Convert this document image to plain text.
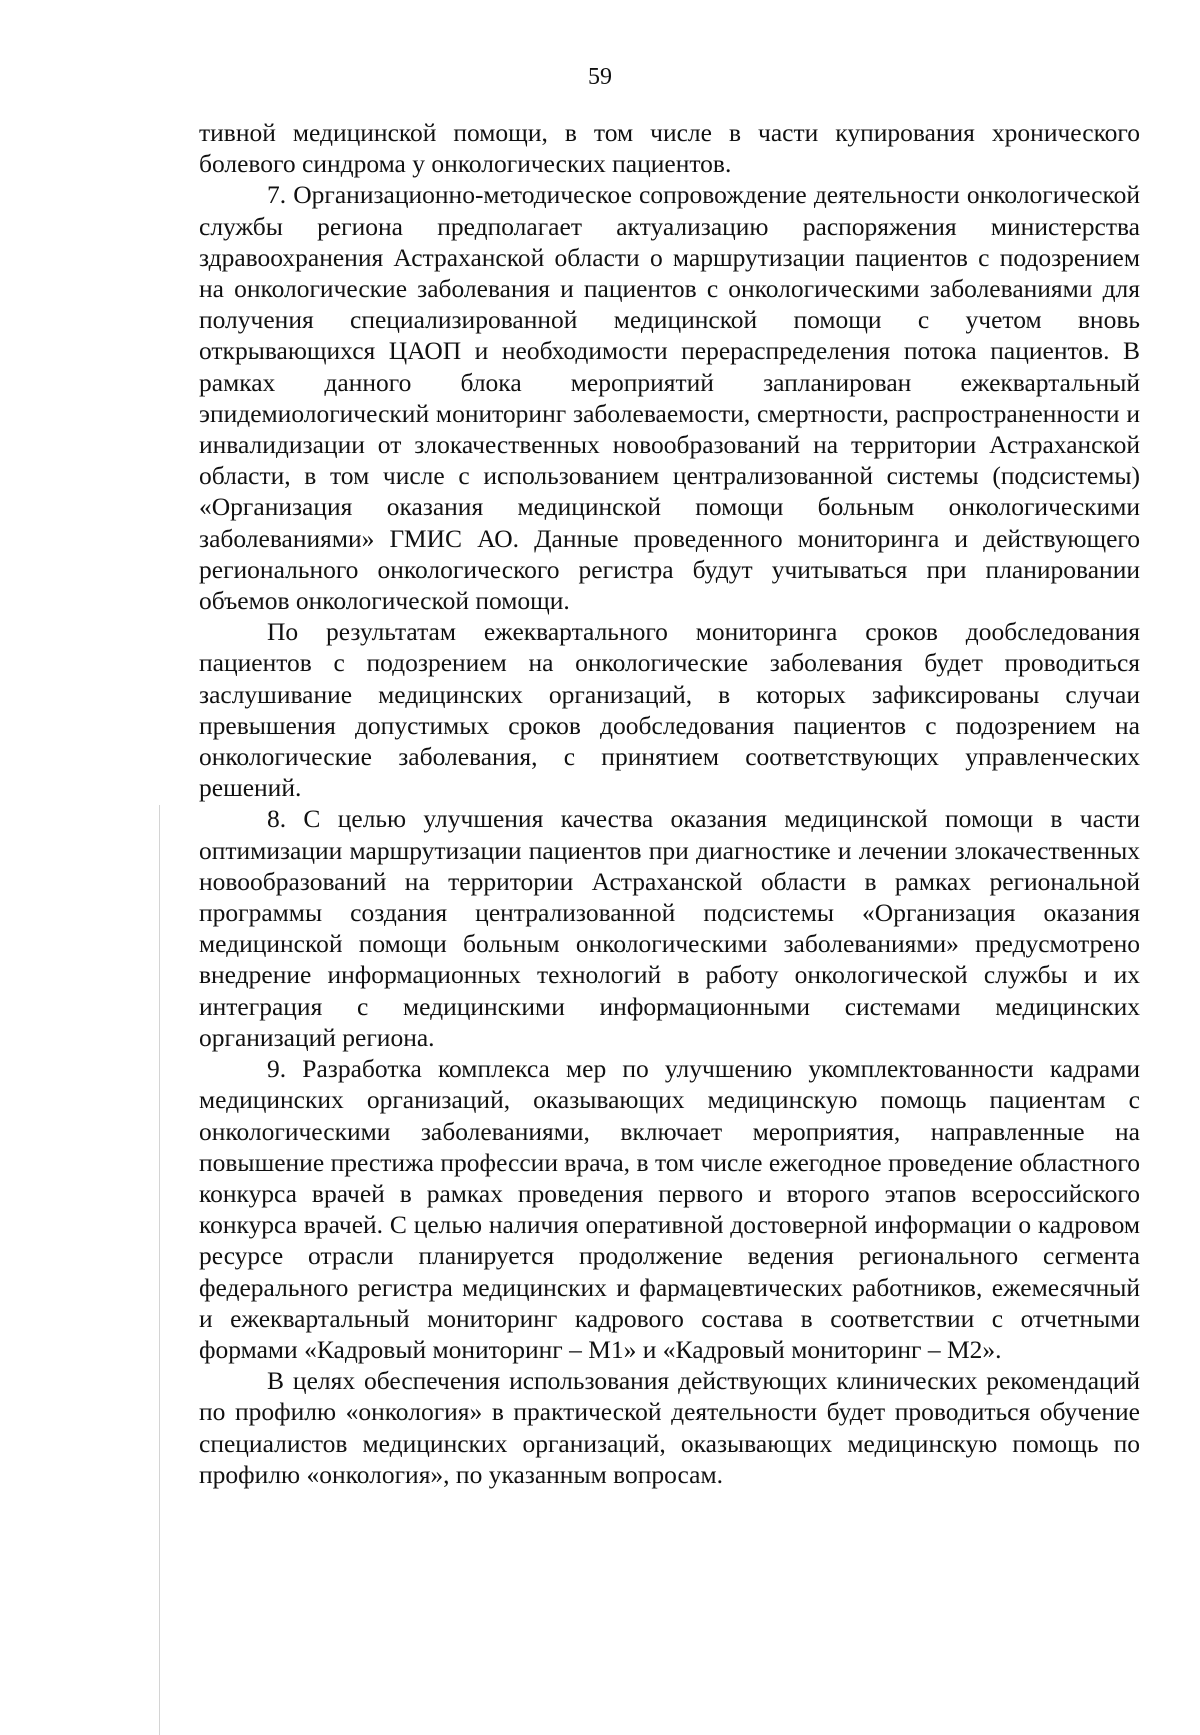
59

тивной медицинской помощи, в том числе в части купирования хронического болевого синдрома у онкологических пациентов.

7. Организационно-методическое сопровождение деятельности онкологической службы региона предполагает актуализацию распоряжения министерства здравоохранения Астраханской области о маршрутизации пациентов с подозрением на онкологические заболевания и пациентов с онкологическими заболеваниями для получения специализированной медицинской помощи с учетом вновь открывающихся ЦАОП и необходимости перераспределения потока пациентов. В рамках данного блока мероприятий запланирован ежеквартальный эпидемиологический мониторинг заболеваемости, смертности, распространенности и инвалидизации от злокачественных новообразований на территории Астраханской области, в том числе с использованием централизованной системы (подсистемы) «Организация оказания медицинской помощи больным онкологическими заболеваниями» ГМИС АО. Данные проведенного мониторинга и действующего регионального онкологического регистра будут учитываться при планировании объемов онкологической помощи.

По результатам ежеквартального мониторинга сроков дообследования пациентов с подозрением на онкологические заболевания будет проводиться заслушивание медицинских организаций, в которых зафиксированы случаи превышения допустимых сроков дообследования пациентов с подозрением на онкологические заболевания, с принятием соответствующих управленческих решений.

8. С целью улучшения качества оказания медицинской помощи в части оптимизации маршрутизации пациентов при диагностике и лечении злокачественных новообразований на территории Астраханской области в рамках региональной программы создания централизованной подсистемы «Организация оказания медицинской помощи больным онкологическими заболеваниями» предусмотрено внедрение информационных технологий в работу онкологической службы и их интеграция с медицинскими информационными системами медицинских организаций региона.

9. Разработка комплекса мер по улучшению укомплектованности кадрами медицинских организаций, оказывающих медицинскую помощь пациентам с онкологическими заболеваниями, включает мероприятия, направленные на повышение престижа профессии врача, в том числе ежегодное проведение областного конкурса врачей в рамках проведения первого и второго этапов всероссийского конкурса врачей. С целью наличия оперативной достоверной информации о кадровом ресурсе отрасли планируется продолжение ведения регионального сегмента федерального регистра медицинских и фармацевтических работников, ежемесячный и ежеквартальный мониторинг кадрового состава в соответствии с отчетными формами «Кадровый мониторинг – М1» и «Кадровый мониторинг – М2».

В целях обеспечения использования действующих клинических рекомендаций по профилю «онкология» в практической деятельности будет проводиться обучение специалистов медицинских организаций, оказывающих медицинскую помощь по профилю «онкология», по указанным вопросам.
